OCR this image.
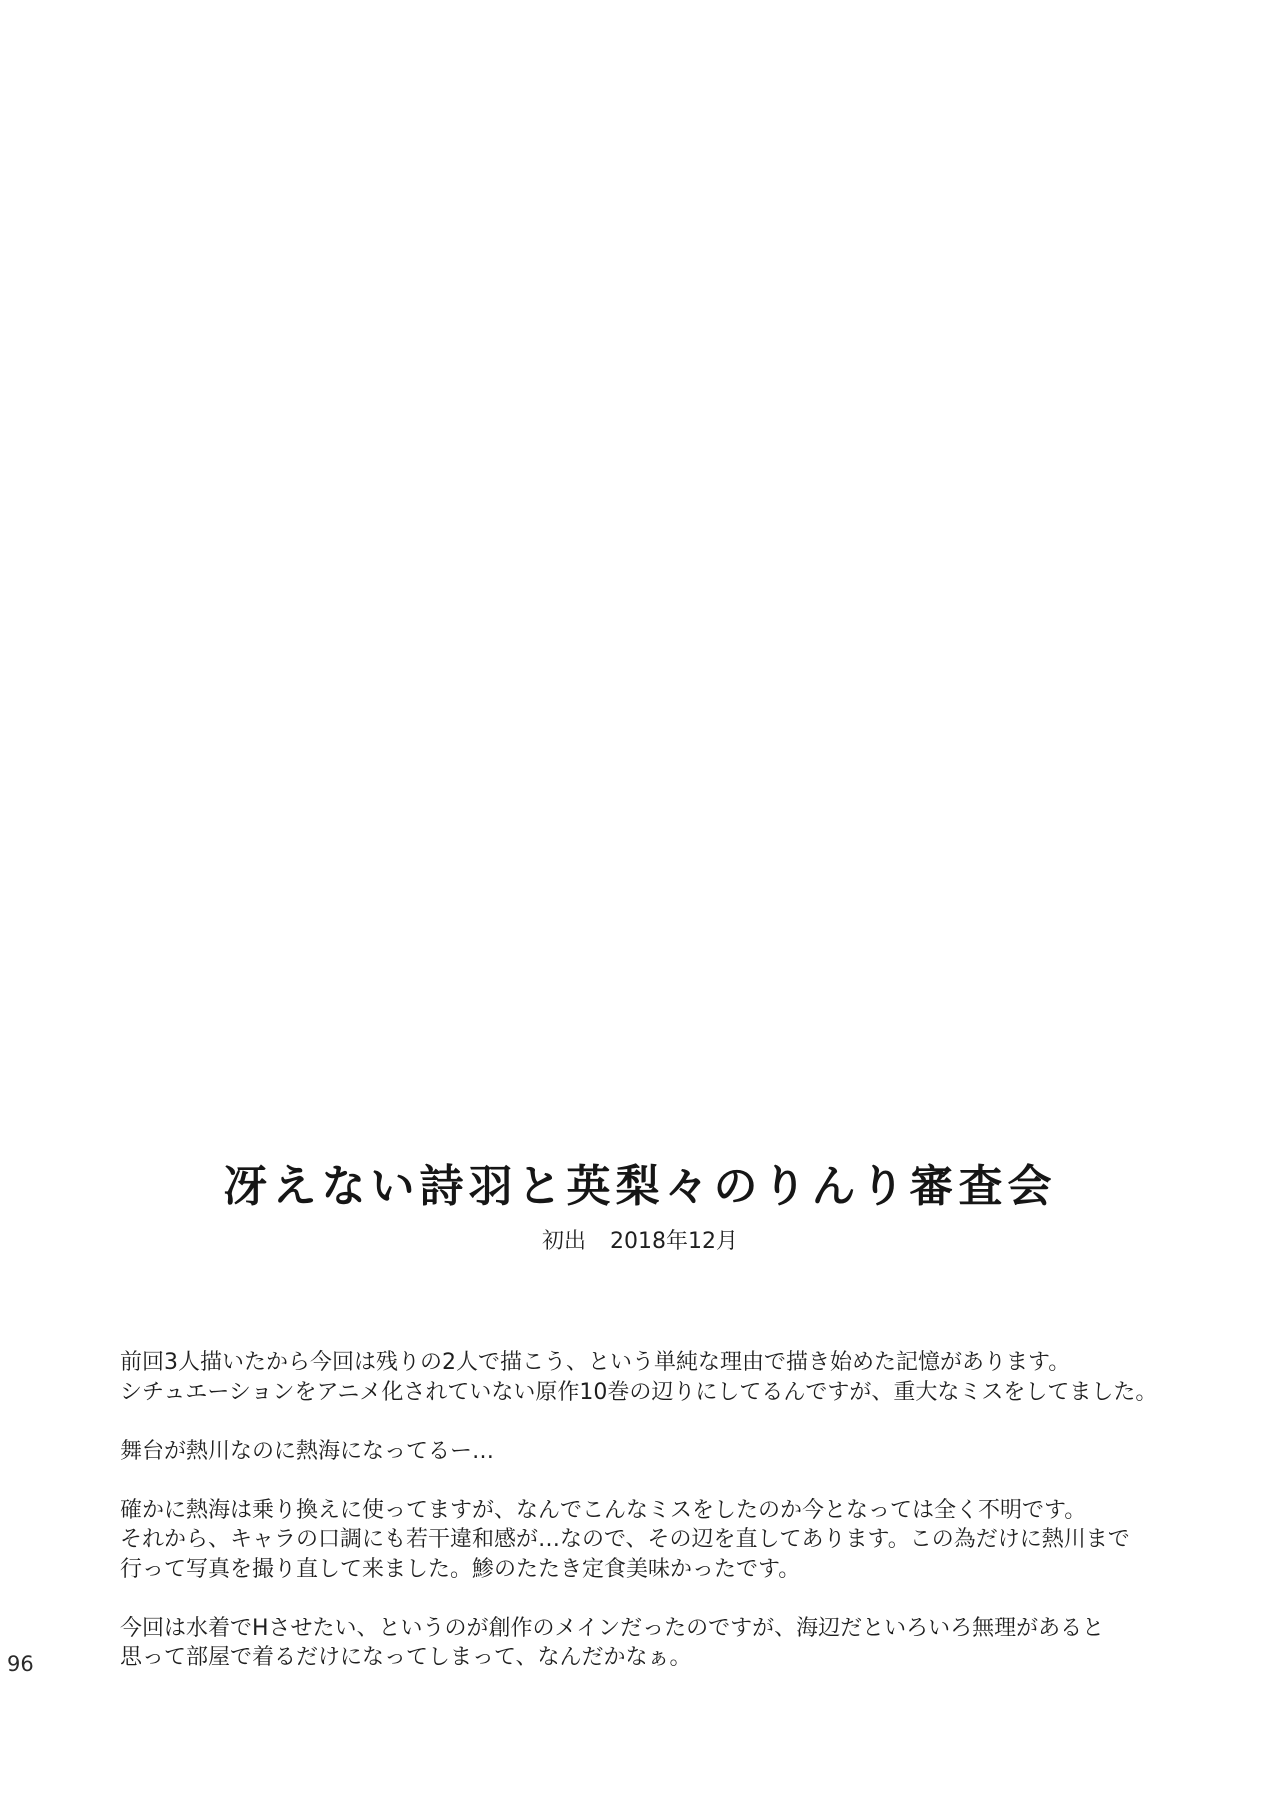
冴えない詩羽と英梨々のりんり審査会
初出 2018年12月
前回3人描いたから今回は残りの2人で描こう、という単純な理由で描き始めた記憶があります。
シチュエーションをアニメ化されていない原作10巻の辺りにしてるんですが、重大なミスをしてました。
舞台が熱川なのに熱海になってるー…
確かに熱海は乗り換えに使ってますが、なんでこんなミスをしたのか今となっては全く不明です。
それから、キャラの口調にも若干違和感が…なので、その辺を直してあります。この為だけに熱川まで
行って写真を撮り直して来ました。鯵のたたき定食美味かったです。
今回は水着でHさせたい、というのが創作のメインだったのですが、海辺だといろいろ無理があると
思って部屋で着るだけになってしまって、なんだかなぁ。
96
